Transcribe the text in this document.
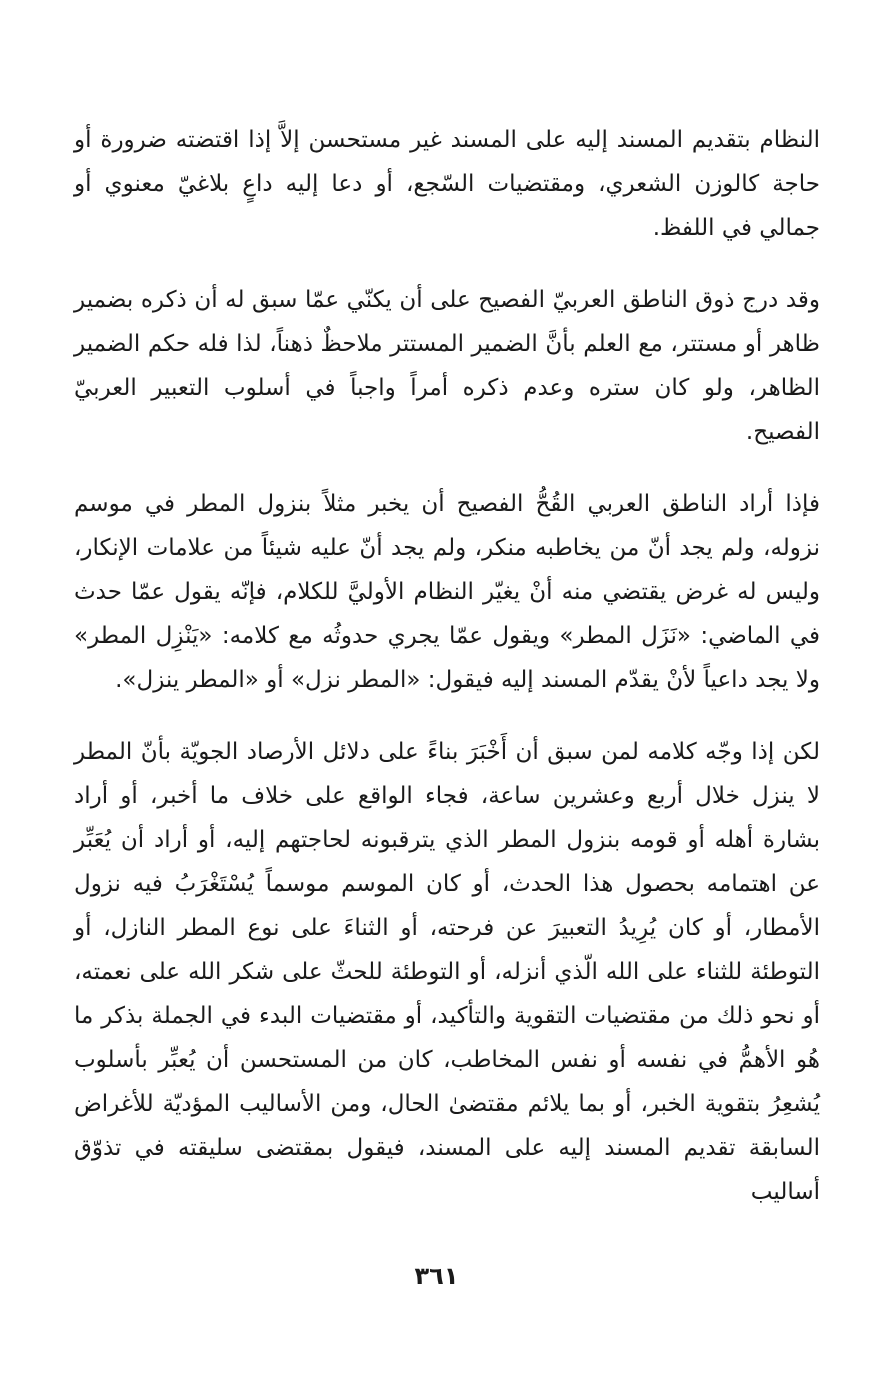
النظام بتقديم المسند إليه على المسند غير مستحسن إلاَّ إذا اقتضته ضرورة أو حاجة كالوزن الشعري، ومقتضيات السّجع، أو دعا إليه داعٍ بلاغيّ معنوي أو جمالي في اللفظ.

وقد درج ذوق الناطق العربيّ الفصيح على أن يكنّي عمّا سبق له أن ذكره بضمير ظاهر أو مستتر، مع العلم بأنَّ الضمير المستتر ملاحظٌ ذهناً، لذا فله حكم الضمير الظاهر، ولو كان ستره وعدم ذكره أمراً واجباً في أسلوب التعبير العربيّ الفصيح.

فإذا أراد الناطق العربي القُحُّ الفصيح أن يخبر مثلاً بنزول المطر في موسم نزوله، ولم يجد أنّ من يخاطبه منكر، ولم يجد أنّ عليه شيئاً من علامات الإنكار، وليس له غرض يقتضي منه أنْ يغيّر النظام الأوليَّ للكلام، فإنّه يقول عمّا حدث في الماضي: «نَزَل المطر» ويقول عمّا يجري حدوثُه مع كلامه: «يَنْزِل المطر» ولا يجد داعياً لأنْ يقدّم المسند إليه فيقول: «المطر نزل» أو «المطر ينزل».

لكن إذا وجّه كلامه لمن سبق أن أَخْبَرَ بناءً على دلائل الأرصاد الجويّة بأنّ المطر لا ينزل خلال أربع وعشرين ساعة، فجاء الواقع على خلاف ما أخبر، أو أراد بشارة أهله أو قومه بنزول المطر الذي يترقبونه لحاجتهم إليه، أو أراد أن يُعَبِّر عن اهتمامه بحصول هذا الحدث، أو كان الموسم موسماً يُسْتَغْرَبُ فيه نزول الأمطار، أو كان يُرِيدُ التعبيرَ عن فرحته، أو الثناءَ على نوع المطر النازل، أو التوطئة للثناء على الله الّذي أنزله، أو التوطئة للحثّ على شكر الله على نعمته، أو نحو ذلك من مقتضيات التقوية والتأكيد، أو مقتضيات البدء في الجملة بذكر ما هُو الأهمُّ في نفسه أو نفس المخاطب، كان من المستحسن أن يُعبِّر بأسلوب يُشعِرُ بتقوية الخبر، أو بما يلائم مقتضىٰ الحال، ومن الأساليب المؤديّة للأغراض السابقة تقديم المسند إليه على المسند، فيقول بمقتضى سليقته في تذوّق أساليب

٣٦١
